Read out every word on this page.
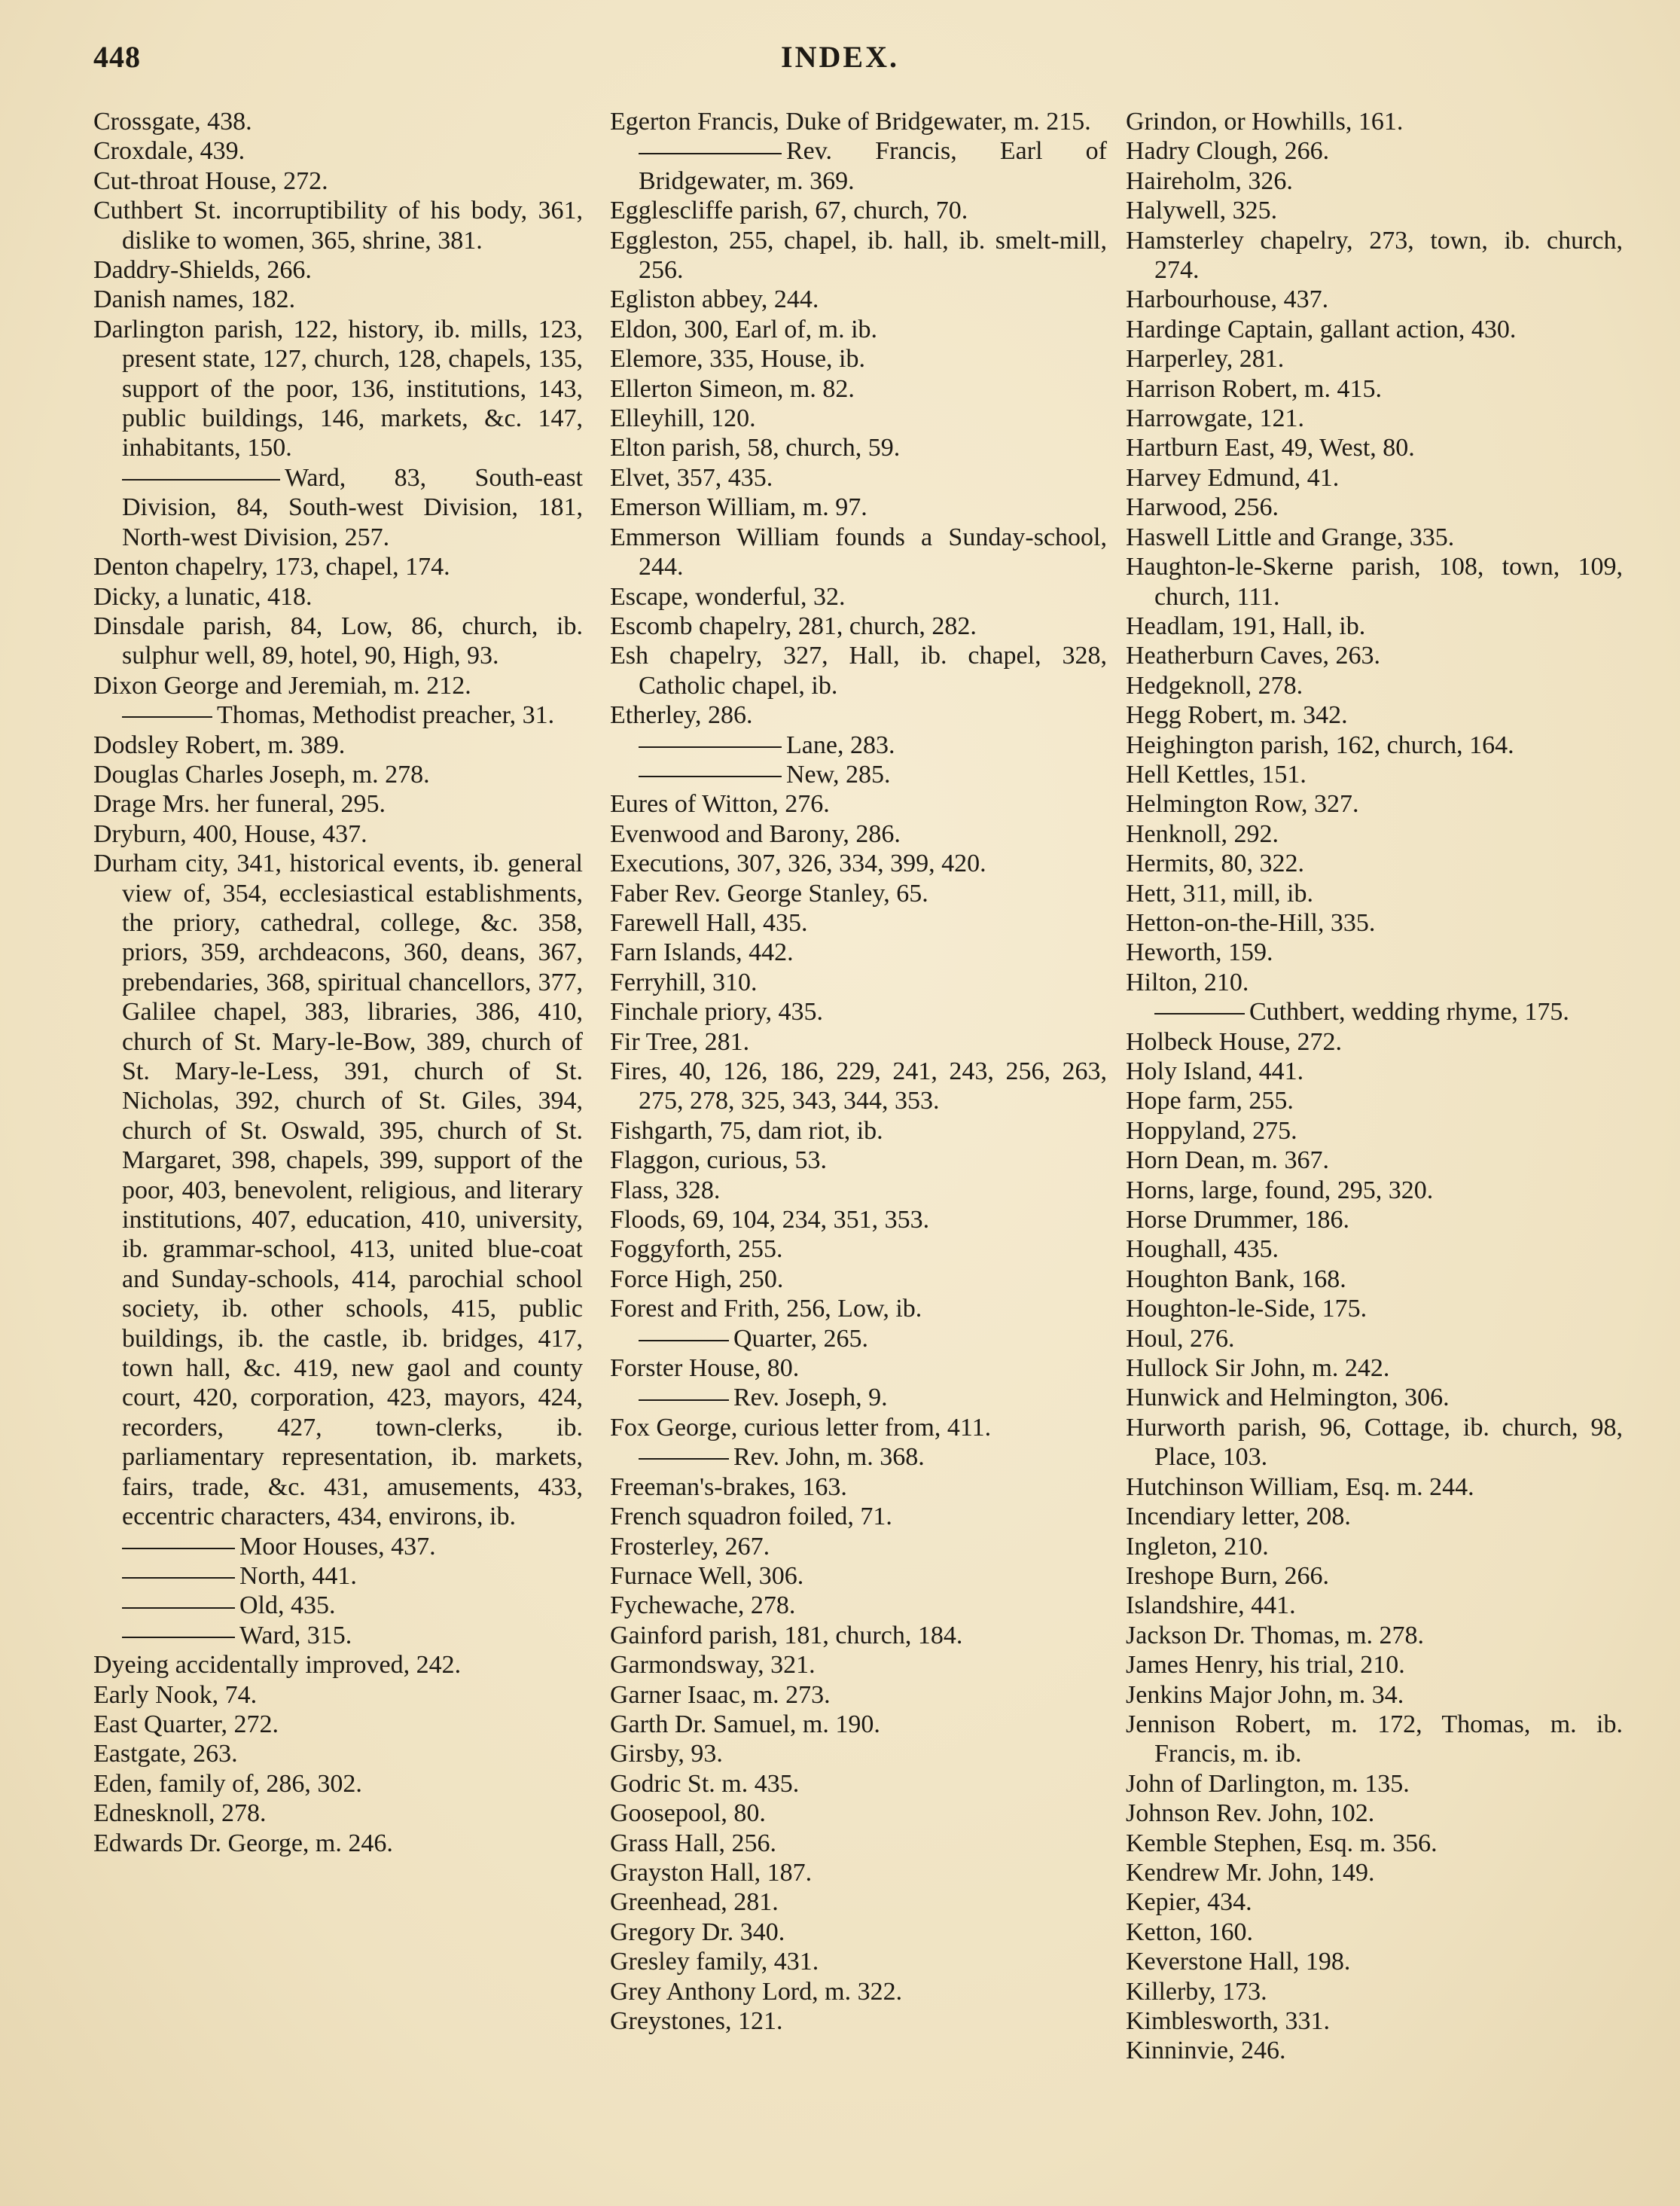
448	INDEX.
Crossgate, 438.
Croxdale, 439.
Cut-throat House, 272.
Cuthbert St. incorruptibility of his body, 361, dislike to women, 365, shrine, 381.
Daddry-Shields, 266.
Danish names, 182.
Darlington parish, 122, history, ib. mills, 123, present state, 127, church, 128, chapels, 135, support of the poor, 136, institutions, 143, public buildings, 146, markets, &c. 147, inhabitants, 150.
Ward, 83, South-east Division, 84, South-west Division, 181, North-west Division, 257.
Denton chapelry, 173, chapel, 174.
Dicky, a lunatic, 418.
Dinsdale parish, 84, Low, 86, church, ib. sulphur well, 89, hotel, 90, High, 93.
Dixon George and Jeremiah, m. 212.
Thomas, Methodist preacher, 31.
Dodsley Robert, m. 389.
Douglas Charles Joseph, m. 278.
Drage Mrs. her funeral, 295.
Dryburn, 400, House, 437.
Durham city, 341, historical events, ib. general view of, 354, ecclesiastical establishments, the priory, cathedral, college, &c. 358, priors, 359, archdeacons, 360, deans, 367, prebendaries, 368, spiritual chancellors, 377, Galilee chapel, 383, libraries, 386, 410, church of St. Mary-le-Bow, 389, church of St. Mary-le-Less, 391, church of St. Nicholas, 392, church of St. Giles, 394, church of St. Oswald, 395, church of St. Margaret, 398, chapels, 399, support of the poor, 403, benevolent, religious, and literary institutions, 407, education, 410, university, ib. grammar-school, 413, united blue-coat and Sunday-schools, 414, parochial school society, ib. other schools, 415, public buildings, ib. the castle, ib. bridges, 417, town hall, &c. 419, new gaol and county court, 420, corporation, 423, mayors, 424, recorders, 427, town-clerks, ib. parliamentary representation, ib. markets, fairs, trade, &c. 431, amusements, 433, eccentric characters, 434, environs, ib.
Moor Houses, 437.
North, 441.
Old, 435.
Ward, 315.
Dyeing accidentally improved, 242.
Early Nook, 74.
East Quarter, 272.
Eastgate, 263.
Eden, family of, 286, 302.
Ednesknoll, 278.
Edwards Dr. George, m. 246.
Egerton Francis, Duke of Bridgewater, m. 215.
Rev. Francis, Earl of Bridgewater, m. 369.
Egglescliffe parish, 67, church, 70.
Eggleston, 255, chapel, ib. hall, ib. smelt-mill, 256.
Egliston abbey, 244.
Eldon, 300, Earl of, m. ib.
Elemore, 335, House, ib.
Ellerton Simeon, m. 82.
Elleyhill, 120.
Elton parish, 58, church, 59.
Elvet, 357, 435.
Emerson William, m. 97.
Emmerson William founds a Sunday-school, 244.
Escape, wonderful, 32.
Escomb chapelry, 281, church, 282.
Esh chapelry, 327, Hall, ib. chapel, 328, Catholic chapel, ib.
Etherley, 286.
Lane, 283.
New, 285.
Eures of Witton, 276.
Evenwood and Barony, 286.
Executions, 307, 326, 334, 399, 420.
Faber Rev. George Stanley, 65.
Farewell Hall, 435.
Farn Islands, 442.
Ferryhill, 310.
Finchale priory, 435.
Fir Tree, 281.
Fires, 40, 126, 186, 229, 241, 243, 256, 263, 275, 278, 325, 343, 344, 353.
Fishgarth, 75, dam riot, ib.
Flaggon, curious, 53.
Flass, 328.
Floods, 69, 104, 234, 351, 353.
Foggyforth, 255.
Force High, 250.
Forest and Frith, 256, Low, ib.
Quarter, 265.
Forster House, 80.
Rev. Joseph, 9.
Fox George, curious letter from, 411.
Rev. John, m. 368.
Freeman's-brakes, 163.
French squadron foiled, 71.
Frosterley, 267.
Furnace Well, 306.
Fychewache, 278.
Gainford parish, 181, church, 184.
Garmondsway, 321.
Garner Isaac, m. 273.
Garth Dr. Samuel, m. 190.
Girsby, 93.
Godric St. m. 435.
Goosepool, 80.
Grass Hall, 256.
Grayston Hall, 187.
Greenhead, 281.
Gregory Dr. 340.
Gresley family, 431.
Grey Anthony Lord, m. 322.
Greystones, 121.
Grindon, or Howhills, 161.
Hadry Clough, 266.
Haireholm, 326.
Halywell, 325.
Hamsterley chapelry, 273, town, ib. church, 274.
Harbourhouse, 437.
Hardinge Captain, gallant action, 430.
Harperley, 281.
Harrison Robert, m. 415.
Harrowgate, 121.
Hartburn East, 49, West, 80.
Harvey Edmund, 41.
Harwood, 256.
Haswell Little and Grange, 335.
Haughton-le-Skerne parish, 108, town, 109, church, 111.
Headlam, 191, Hall, ib.
Heatherburn Caves, 263.
Hedgeknoll, 278.
Hegg Robert, m. 342.
Heighington parish, 162, church, 164.
Hell Kettles, 151.
Helmington Row, 327.
Henknoll, 292.
Hermits, 80, 322.
Hett, 311, mill, ib.
Hetton-on-the-Hill, 335.
Heworth, 159.
Hilton, 210.
Cuthbert, wedding rhyme, 175.
Holbeck House, 272.
Holy Island, 441.
Hope farm, 255.
Hoppyland, 275.
Horn Dean, m. 367.
Horns, large, found, 295, 320.
Horse Drummer, 186.
Houghall, 435.
Houghton Bank, 168.
Houghton-le-Side, 175.
Houl, 276.
Hullock Sir John, m. 242.
Hunwick and Helmington, 306.
Hurworth parish, 96, Cottage, ib. church, 98, Place, 103.
Hutchinson William, Esq. m. 244.
Incendiary letter, 208.
Ingleton, 210.
Ireshope Burn, 266.
Islandshire, 441.
Jackson Dr. Thomas, m. 278.
James Henry, his trial, 210.
Jenkins Major John, m. 34.
Jennison Robert, m. 172, Thomas, m. ib. Francis, m. ib.
John of Darlington, m. 135.
Johnson Rev. John, 102.
Kemble Stephen, Esq. m. 356.
Kendrew Mr. John, 149.
Kepier, 434.
Ketton, 160.
Keverstone Hall, 198.
Killerby, 173.
Kimblesworth, 331.
Kinninvie, 246.
